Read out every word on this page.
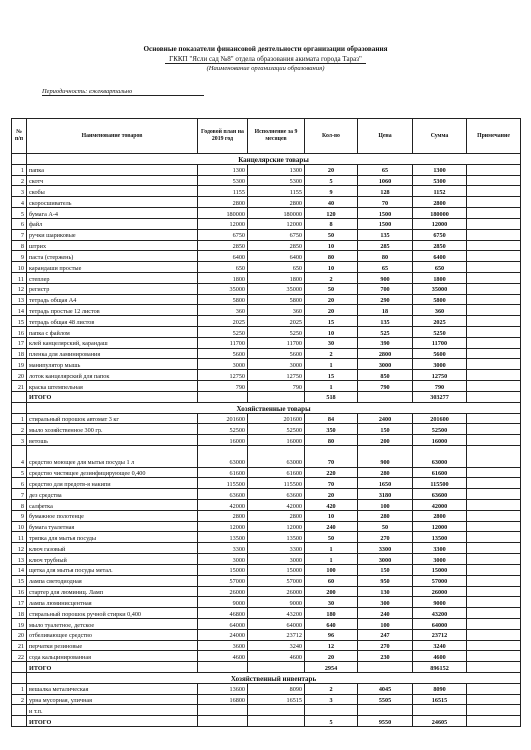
Основные показатели финансовой деятельности организации образования
ГККП "Ясли сад №8" отдела образования акимата города Тараз"
(Наименование организации образования)
Периодичность: ежеквартально
№ п/п	Наименование товаров	Годовой план на 2019 год	Исполнение за 9 месяцев	Кол-во	Цена	Сумма	Примечание
	Канцелярские товары						
1	папка	1300	1300	20	65	1300	
2	скотч	5300	5300	5	1060	5300	
3	скобы	1155	1155	9	128	1152	
4	скоросшиватель	2800	2800	40	70	2800	
5	бумага А-4	180000	180000	120	1500	180000	
6	файл	12000	12000	8	1500	12000	
7	ручки шариковые	6750	6750	50	135	6750	
8	штрих	2850	2850	10	285	2850	
9	паста (стержень)	6400	6400	80	80	6400	
10	карандаши простые	650	650	10	65	650	
11	степлер	1800	1800	2	900	1800	
12	регистр	35000	35000	50	700	35000	
13	тетрадь общая А4	5800	5800	20	290	5800	
14	тетрадь простые 12 листов	360	360	20	18	360	
15	тетрадь общая 48 листов	2025	2025	15	135	2025	
16	папка с файлом	5250	5250	10	525	5250	
17	клей канцелярский, карандаш	11700	11700	30	390	11700	
18	пленка для ламинирования	5600	5600	2	2800	5600	
19	манипулятор мышь	3000	3000	1	3000	3000	
20	лоток канцелярский для папок	12750	12750	15	850	12750	
21	краска штемпельная	790	790	1	790	790	
	ИТОГО			518		303277	
	Хозяйственные товары						
1	стиральный порошок автомат 3 кг	201600	201600	84	2400	201600	
2	мыло хозяйственное 300 гр.	52500	52500	350	150	52500	
3	ветошь	16000	16000	80	200	16000	
4	средство моющее для мытья посуды 1 л	63000	63000	70	900	63000	
5	средство чистящее дезинфицирующее 0,400	61600	61600	220	280	61600	
6	средство для предотв-я накипи	115500	115500	70	1650	115500	
7	дез средства	63600	63600	20	3180	63600	
8	салфетка	42000	42000	420	100	42000	
9	бумажное полотенце	2800	2800	10	280	2800	
10	бумага туалетная	12000	12000	240	50	12000	
11	тряпка для мытья посуды	13500	13500	50	270	13500	
12	ключ газовый	3300	3300	1	3300	3300	
13	ключ трубный	3000	3000	1	3000	3000	
14	щетка для мытья посуды метал.	15000	15000	100	150	15000	
15	лампа светодиодная	57000	57000	60	950	57000	
16	стартер для люминиц. Ламп	26000	26000	200	130	26000	
17	лампа люминисцентная	9000	9000	30	300	9000	
18	стиральный порошок ручной стирки 0,400	46800	43200	180	240	43200	
19	мыло туалетное, детское	64000	64000	640	100	64000	
20	отбеливающее средство	24000	23712	96	247	23712	
21	перчатки резиновые	3600	3240	12	270	3240	
22	сода кальцинированная	4600	4600	20	230	4600	
	ИТОГО			2954		896152	
	Хозяйственный инвентарь						
1	вешалка металическая	13600	8090	2	4045	8090	
2	урна мусорная, уличная	16800	16515	3	5505	16515	
	и т.п.						
	ИТОГО			5	9550	24605	
